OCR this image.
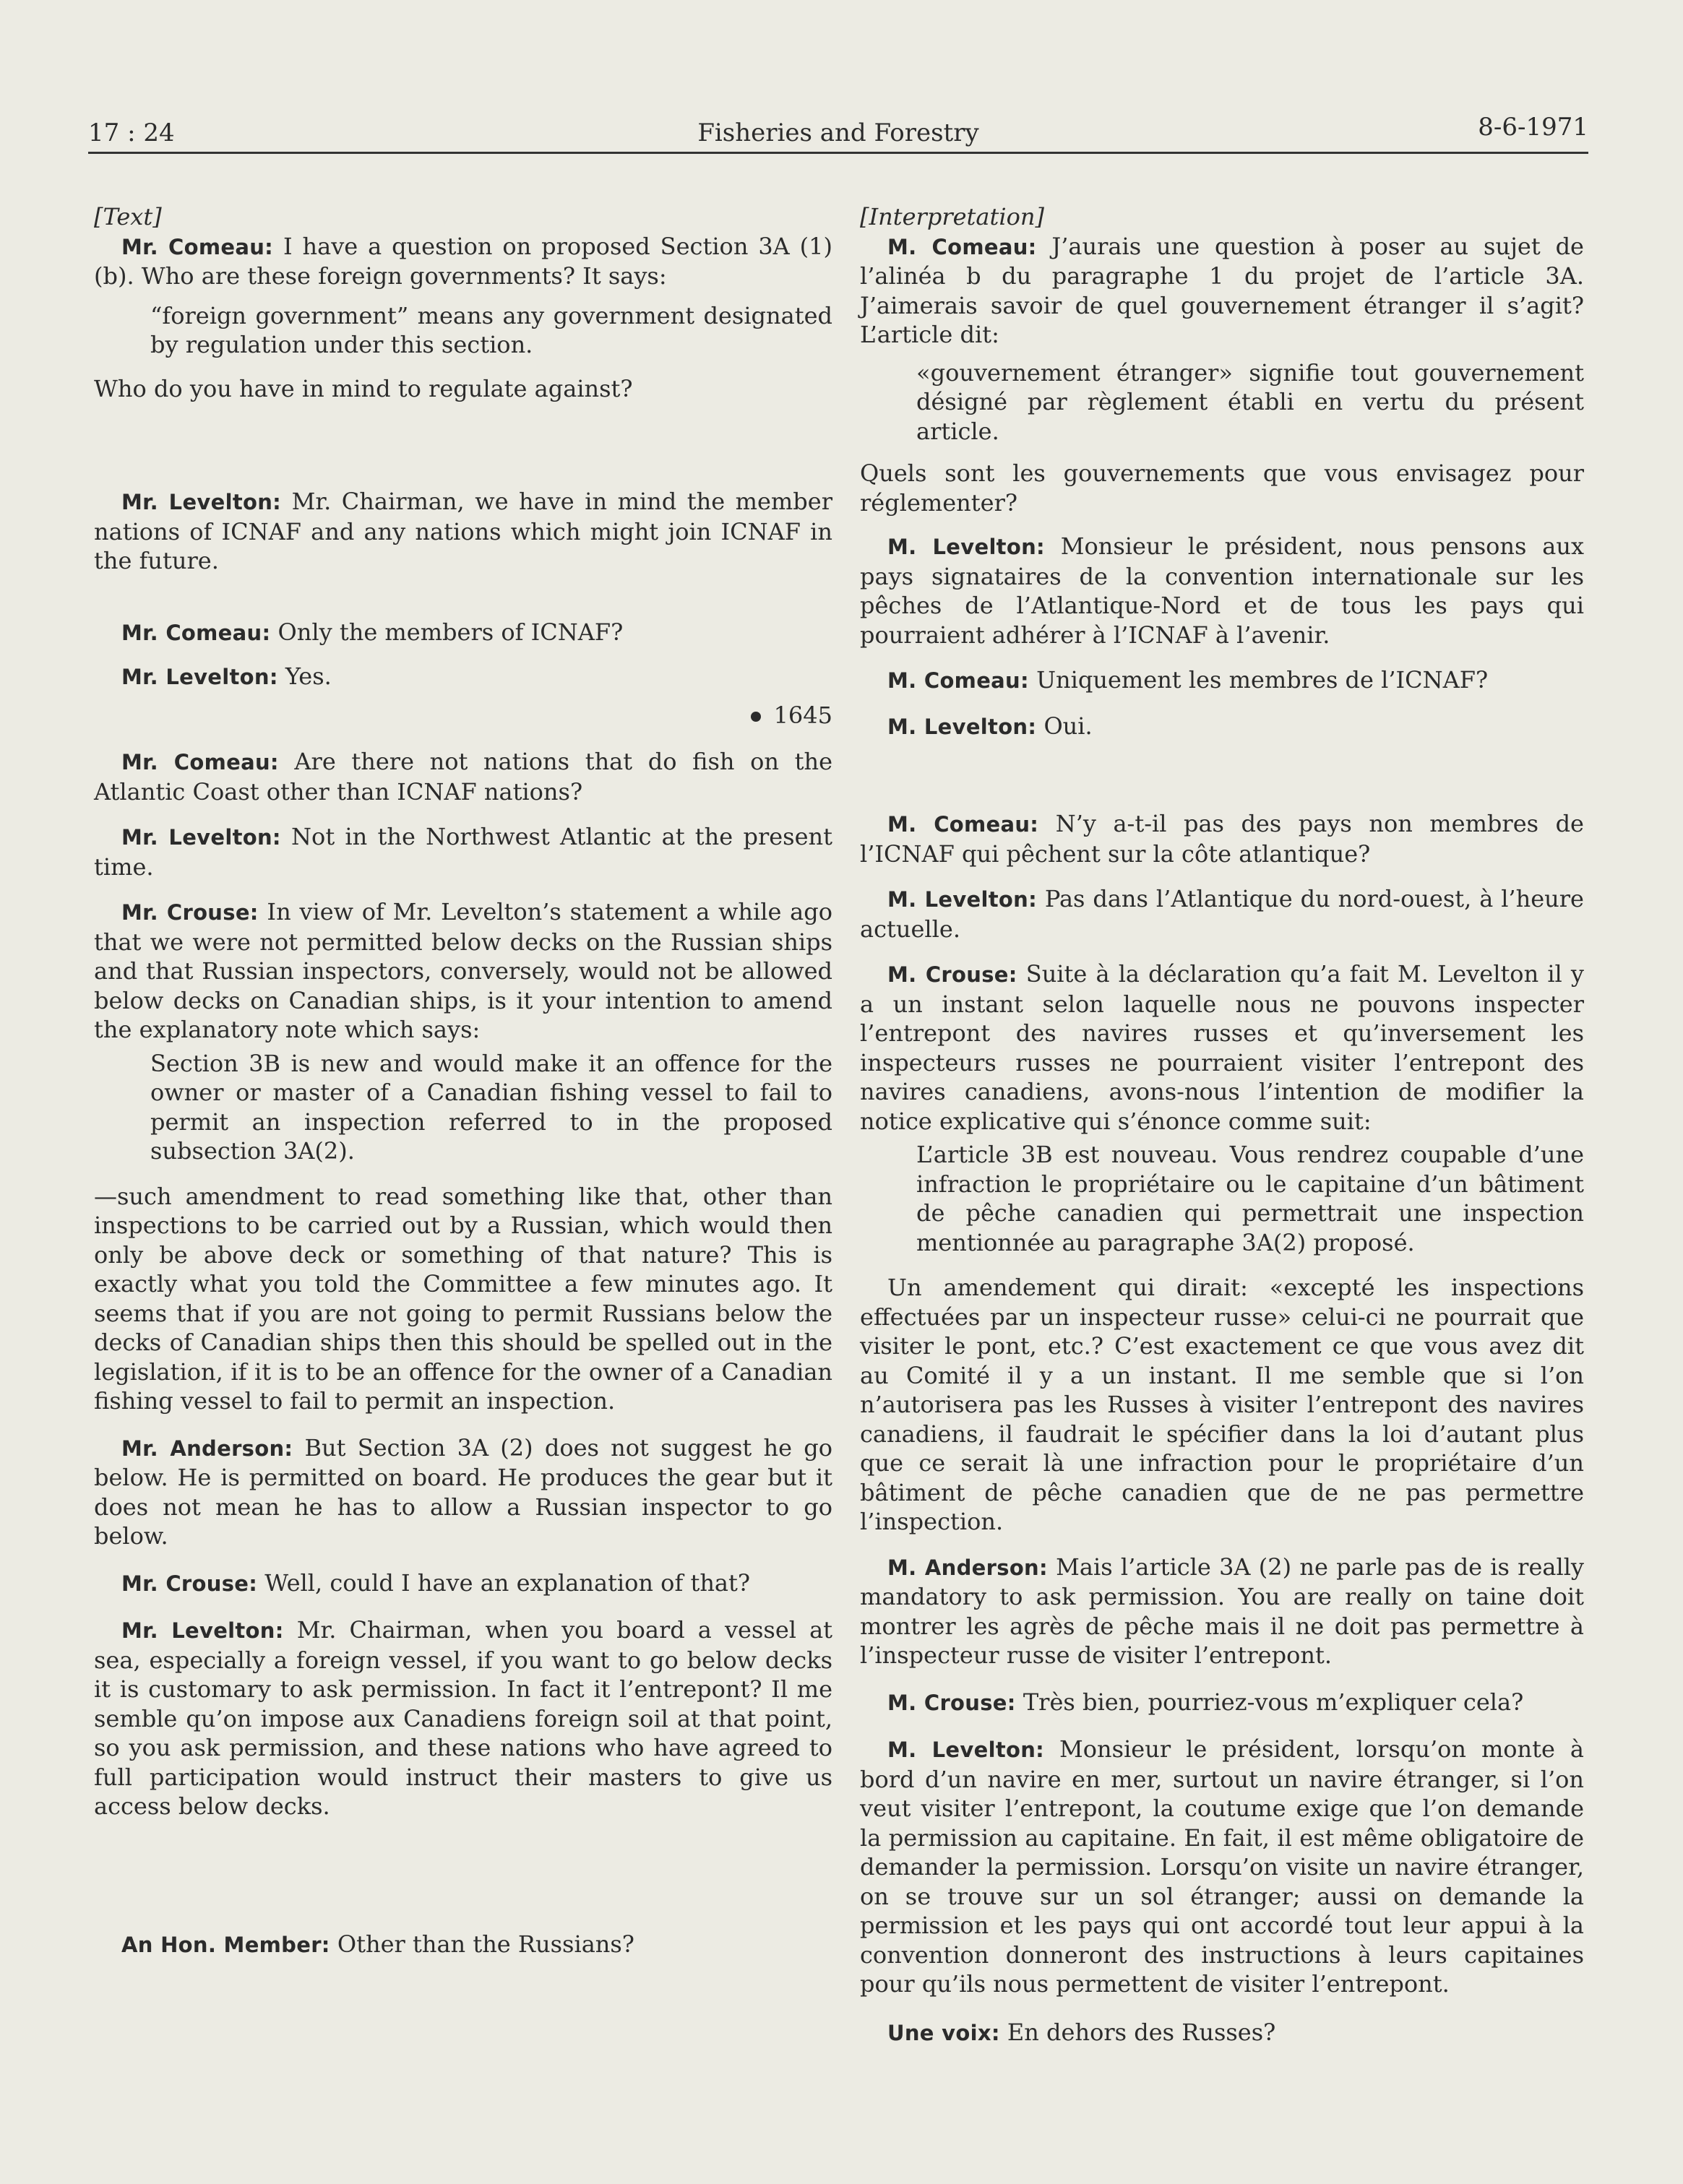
17 : 24	Fisheries and Forestry	8-6-1971

[Text]

Mr. Comeau: I have a question on proposed Section 3A (1)(b). Who are these foreign governments? It says:

“foreign government” means any government designated by regulation under this section.

Who do you have in mind to regulate against?

Mr. Levelton: Mr. Chairman, we have in mind the member nations of ICNAF and any nations which might join ICNAF in the future.

Mr. Comeau: Only the members of ICNAF?

Mr. Levelton: Yes.

1645

Mr. Comeau: Are there not nations that do fish on the Atlantic Coast other than ICNAF nations?

Mr. Levelton: Not in the Northwest Atlantic at the present time.

Mr. Crouse: In view of Mr. Levelton’s statement a while ago that we were not permitted below decks on the Russian ships and that Russian inspectors, conversely, would not be allowed below decks on Canadian ships, is it your intention to amend the explanatory note which says:

Section 3B is new and would make it an offence for the owner or master of a Canadian fishing vessel to fail to permit an inspection referred to in the proposed subsection 3A(2).

—such amendment to read something like that, other than inspections to be carried out by a Russian, which would then only be above deck or something of that nature? This is exactly what you told the Committee a few minutes ago. It seems that if you are not going to permit Russians below the decks of Canadian ships then this should be spelled out in the legislation, if it is to be an offence for the owner of a Canadian fishing vessel to fail to permit an inspection.

Mr. Anderson: But Section 3A (2) does not suggest he go below. He is permitted on board. He produces the gear but it does not mean he has to allow a Russian inspector to go below.

Mr. Crouse: Well, could I have an explanation of that?

Mr. Levelton: Mr. Chairman, when you board a vessel at sea, especially a foreign vessel, if you want to go below decks it is customary to ask permission. In fact it l’entrepont? Il me semble qu’on impose aux Canadiens foreign soil at that point, so you ask permission, and these nations who have agreed to full participation would instruct their masters to give us access below decks.

An Hon. Member: Other than the Russians?

[Interpretation]

M. Comeau: J’aurais une question à poser au sujet de l’alinéa b du paragraphe 1 du projet de l’article 3A. J’aimerais savoir de quel gouvernement étranger il s’agit? L’article dit:

«gouvernement étranger» signifie tout gouvernement désigné par règlement établi en vertu du présent article.

Quels sont les gouvernements que vous envisagez pour réglementer?

M. Levelton: Monsieur le président, nous pensons aux pays signataires de la convention internationale sur les pêches de l’Atlantique-Nord et de tous les pays qui pourraient adhérer à l’ICNAF à l’avenir.

M. Comeau: Uniquement les membres de l’ICNAF?

M. Levelton: Oui.

M. Comeau: N’y a-t-il pas des pays non membres de l’ICNAF qui pêchent sur la côte atlantique?

M. Levelton: Pas dans l’Atlantique du nord-ouest, à l’heure actuelle.

M. Crouse: Suite à la déclaration qu’a fait M. Levelton il y a un instant selon laquelle nous ne pouvons inspecter l’entrepont des navires russes et qu’inversement les inspecteurs russes ne pourraient visiter l’entrepont des navires canadiens, avons-nous l’intention de modifier la notice explicative qui s’énonce comme suit:

L’article 3B est nouveau. Vous rendrez coupable d’une infraction le propriétaire ou le capitaine d’un bâtiment de pêche canadien qui permettrait une inspection mentionnée au paragraphe 3A(2) proposé.

Un amendement qui dirait: «excepté les inspections effectuées par un inspecteur russe» celui-ci ne pourrait que visiter le pont, etc.? C’est exactement ce que vous avez dit au Comité il y a un instant. Il me semble que si l’on n’autorisera pas les Russes à visiter l’entrepont des navires canadiens, il faudrait le spécifier dans la loi d’autant plus que ce serait là une infraction pour le propriétaire d’un bâtiment de pêche canadien que de ne pas permettre l’inspection.

M. Anderson: Mais l’article 3A (2) ne parle pas de is really mandatory to ask permission. You are really on taine doit montrer les agrès de pêche mais il ne doit pas permettre à l’inspecteur russe de visiter l’entrepont.

M. Crouse: Très bien, pourriez-vous m’expliquer cela?

M. Levelton: Monsieur le président, lorsqu’on monte à bord d’un navire en mer, surtout un navire étranger, si l’on veut visiter l’entrepont, la coutume exige que l’on demande la permission au capitaine. En fait, il est même obligatoire de demander la permission. Lorsqu’on visite un navire étranger, on se trouve sur un sol étranger; aussi on demande la permission et les pays qui ont accordé tout leur appui à la convention donneront des instructions à leurs capitaines pour qu’ils nous permettent de visiter l’entrepont.

Une voix: En dehors des Russes?
